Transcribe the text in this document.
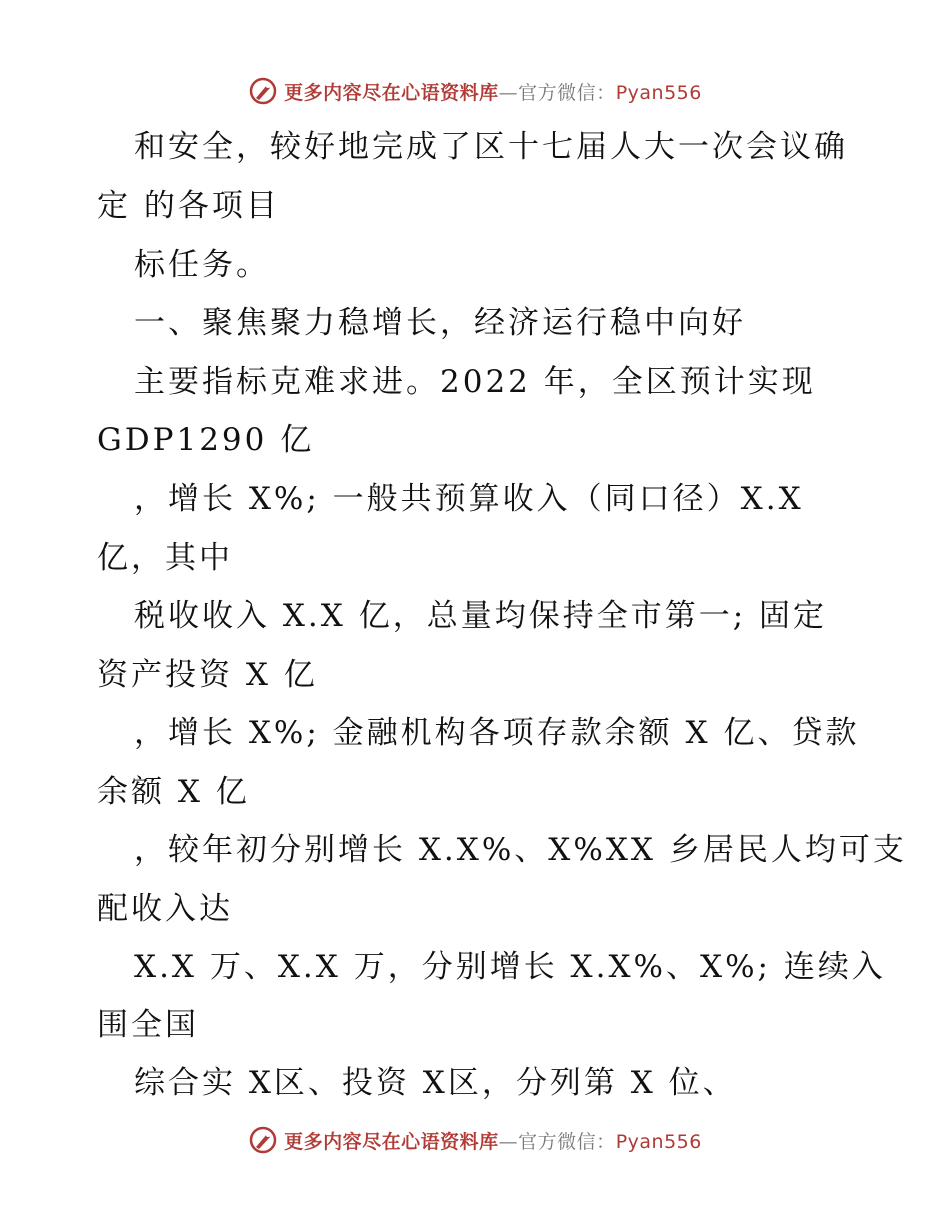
更多内容尽在心语资料库—官方微信：Pyan556
和安全，较好地完成了区十七届人大一次会议确
定 的各项目
标任务。
一、聚焦聚力稳增长，经济运行稳中向好
主要指标克难求进。2022 年，全区预计实现
GDP1290 亿
，增长 X%; 一般共预算收入（同口径）X.X
亿，其中
税收收入 X.X 亿，总量均保持全市第一; 固定
资产投资 X 亿
，增长 X%; 金融机构各项存款余额 X 亿、贷款
余额 X 亿
，较年初分别增长 X.X%、X%XX 乡居民人均可支
配收入达
X.X 万、X.X 万，分别增长 X.X%、X%; 连续入
围全国
综合实 X区、投资 X区，分列第 X 位、
更多内容尽在心语资料库—官方微信：Pyan556
